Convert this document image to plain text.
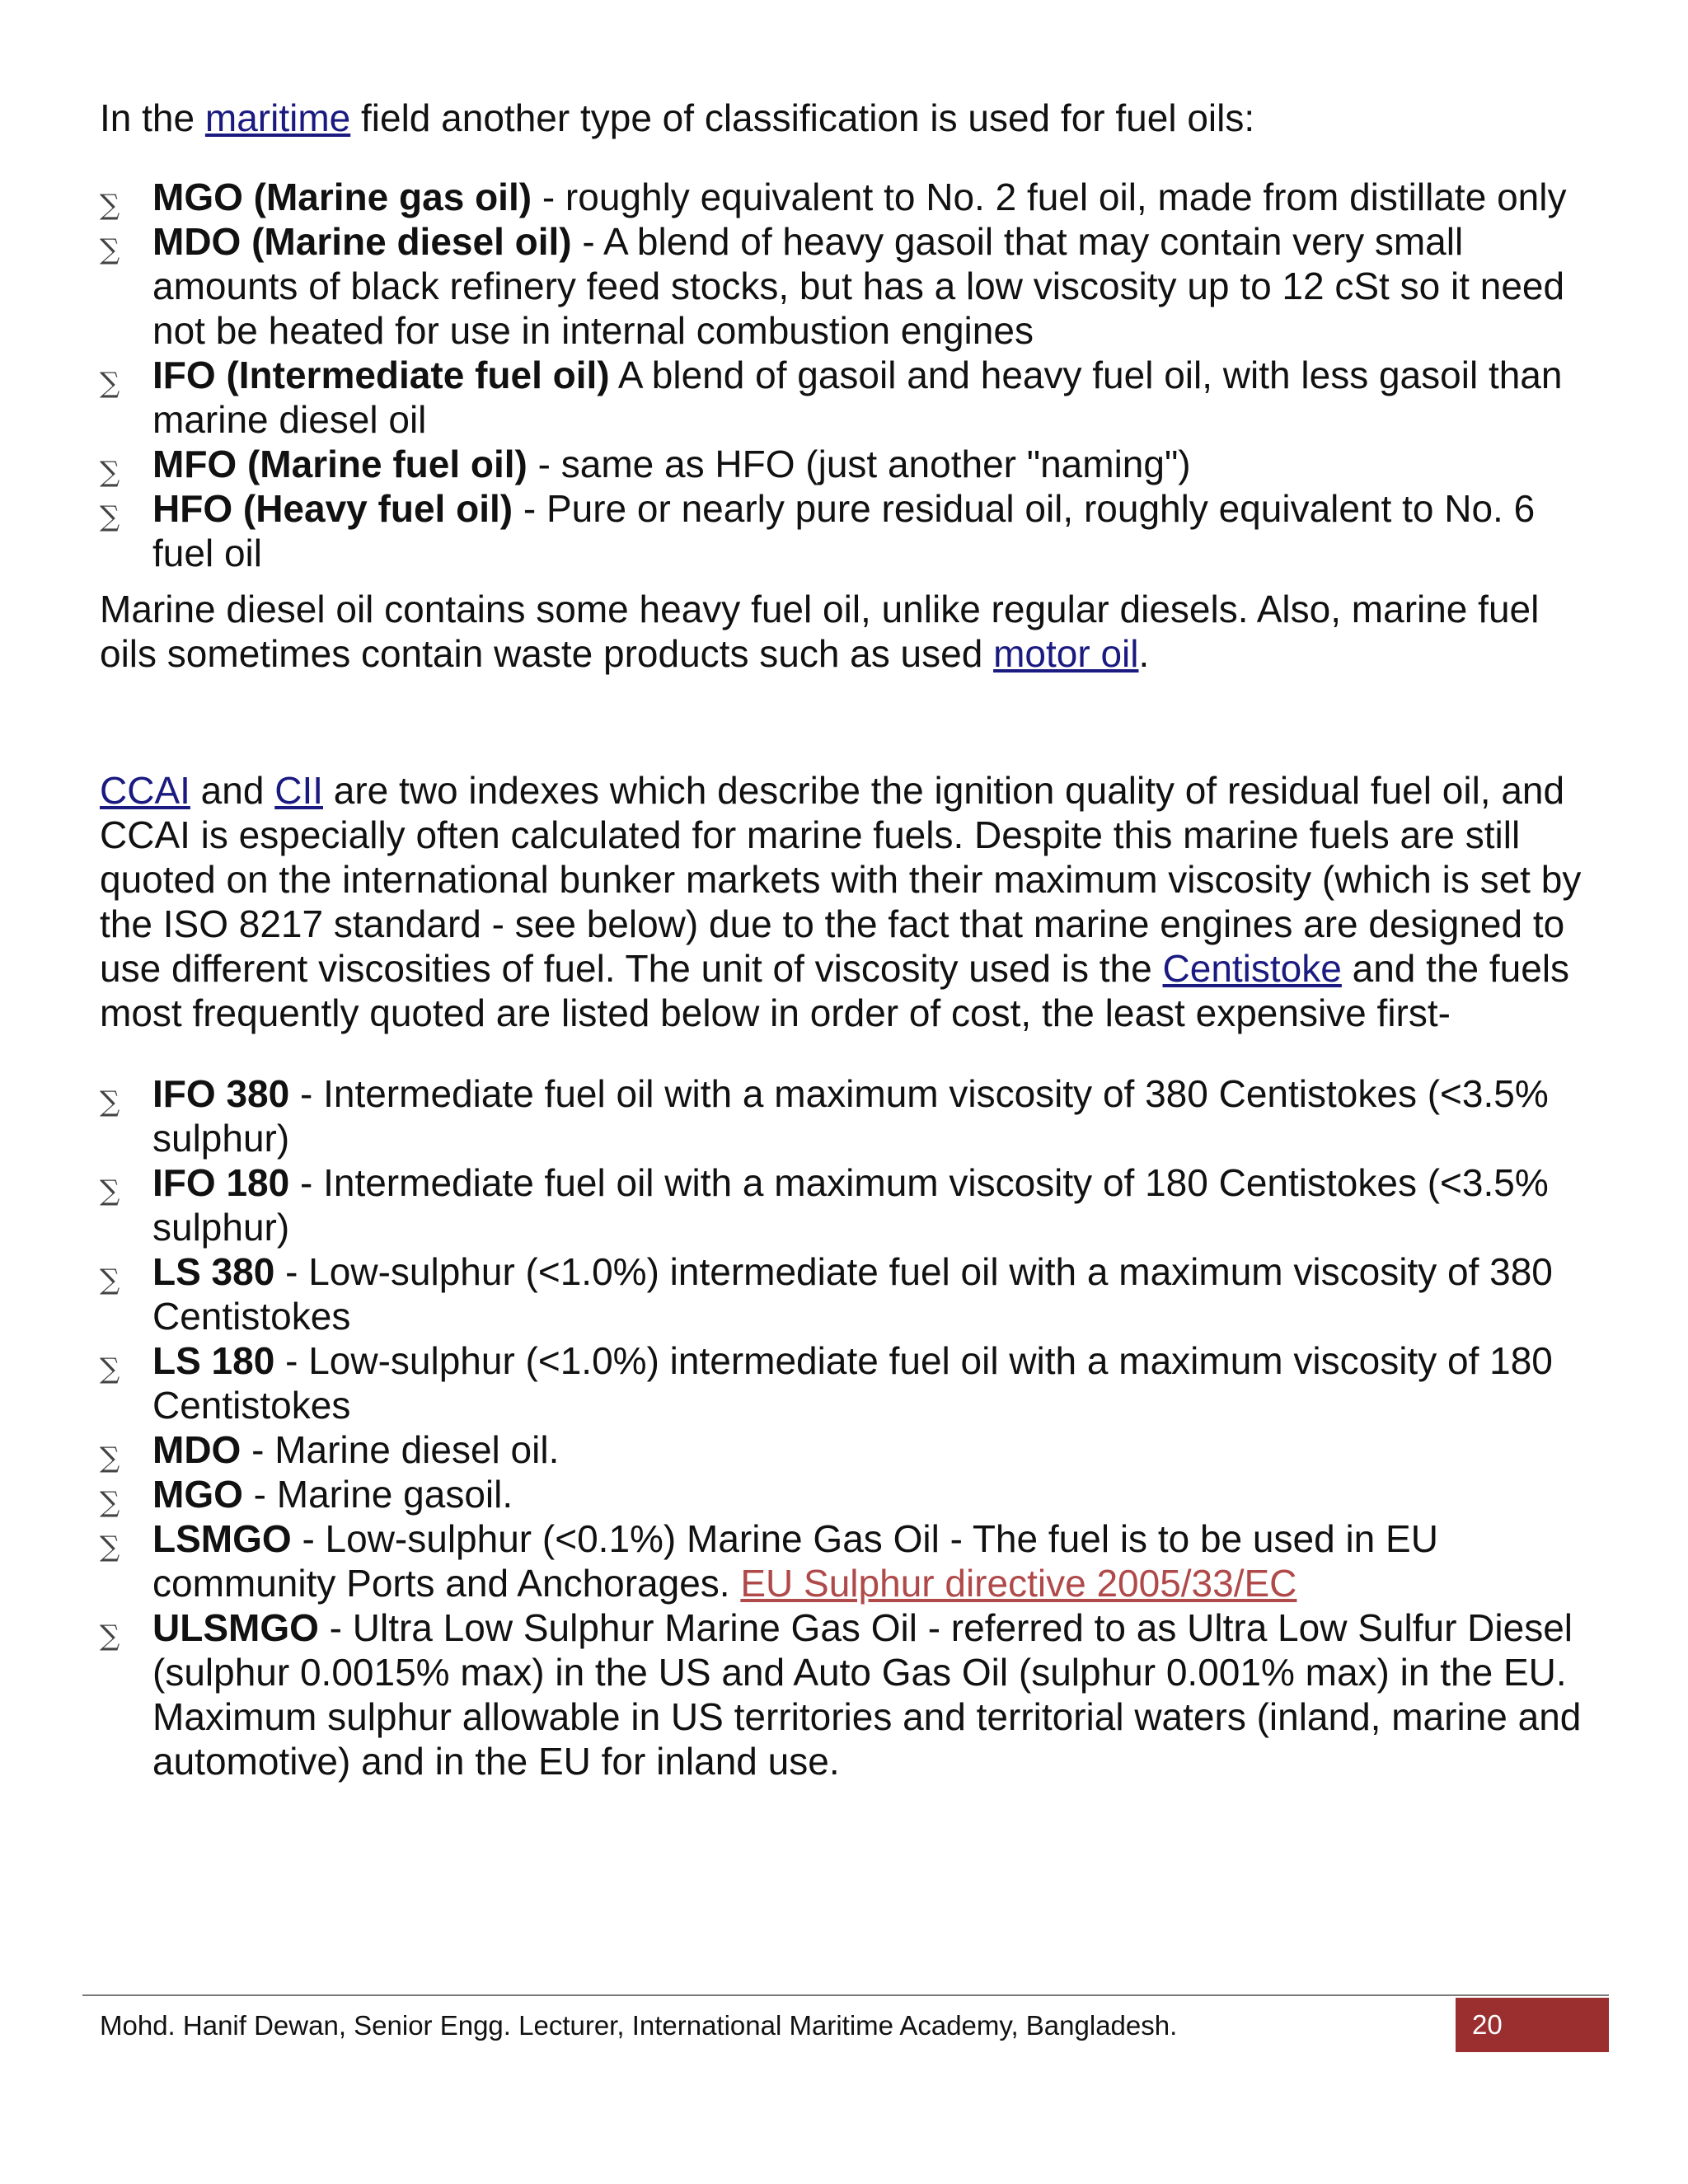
In the maritime field another type of classification is used for fuel oils:

∑ MGO (Marine gas oil) - roughly equivalent to No. 2 fuel oil, made from distillate only
∑ MDO (Marine diesel oil) - A blend of heavy gasoil that may contain very small amounts of black refinery feed stocks, but has a low viscosity up to 12 cSt so it need not be heated for use in internal combustion engines
∑ IFO (Intermediate fuel oil) A blend of gasoil and heavy fuel oil, with less gasoil than marine diesel oil
∑ MFO (Marine fuel oil) - same as HFO (just another "naming")
∑ HFO (Heavy fuel oil) - Pure or nearly pure residual oil, roughly equivalent to No. 6 fuel oil

Marine diesel oil contains some heavy fuel oil, unlike regular diesels. Also, marine fuel oils sometimes contain waste products such as used motor oil.

CCAI and CII are two indexes which describe the ignition quality of residual fuel oil, and CCAI is especially often calculated for marine fuels. Despite this marine fuels are still quoted on the international bunker markets with their maximum viscosity (which is set by the ISO 8217 standard - see below) due to the fact that marine engines are designed to use different viscosities of fuel. The unit of viscosity used is the Centistoke and the fuels most frequently quoted are listed below in order of cost, the least expensive first-

∑ IFO 380 - Intermediate fuel oil with a maximum viscosity of 380 Centistokes (<3.5% sulphur)
∑ IFO 180 - Intermediate fuel oil with a maximum viscosity of 180 Centistokes (<3.5% sulphur)
∑ LS 380 - Low-sulphur (<1.0%) intermediate fuel oil with a maximum viscosity of 380 Centistokes
∑ LS 180 - Low-sulphur (<1.0%) intermediate fuel oil with a maximum viscosity of 180 Centistokes
∑ MDO - Marine diesel oil.
∑ MGO - Marine gasoil.
∑ LSMGO - Low-sulphur (<0.1%) Marine Gas Oil - The fuel is to be used in EU community Ports and Anchorages. EU Sulphur directive 2005/33/EC
∑ ULSMGO - Ultra Low Sulphur Marine Gas Oil - referred to as Ultra Low Sulfur Diesel (sulphur 0.0015% max) in the US and Auto Gas Oil (sulphur 0.001% max) in the EU. Maximum sulphur allowable in US territories and territorial waters (inland, marine and automotive) and in the EU for inland use.
Mohd. Hanif Dewan, Senior Engg. Lecturer, International Maritime Academy, Bangladesh.	20
